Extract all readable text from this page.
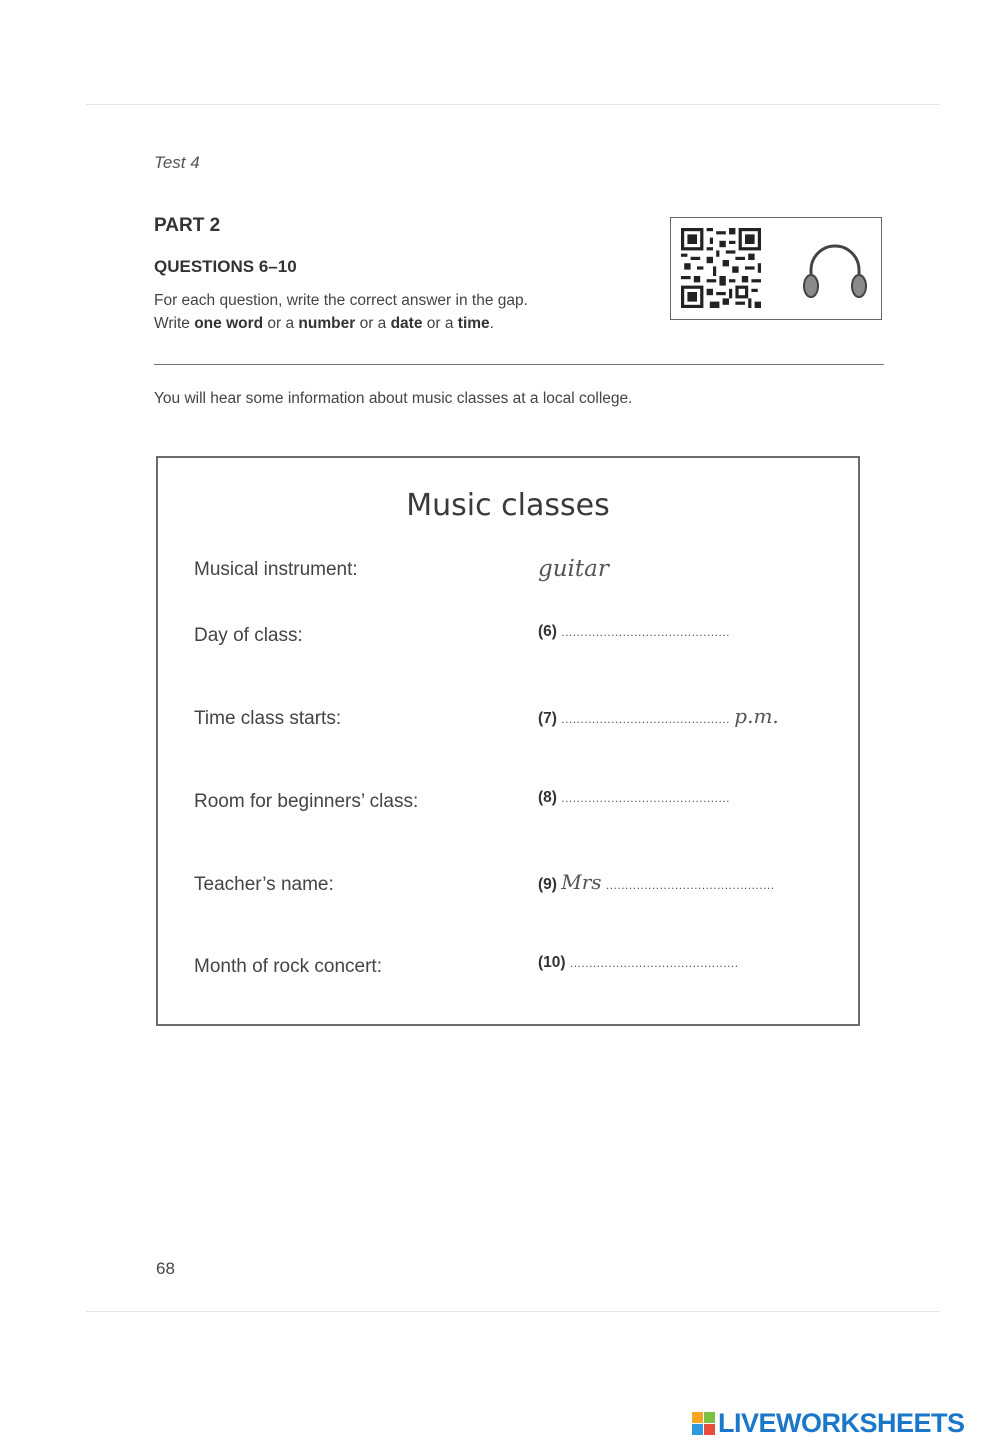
Test 4
PART 2
QUESTIONS 6–10
For each question, write the correct answer in the gap.
Write one word or a number or a date or a time.
You will hear some information about music classes at a local college.
Music classes
Musical instrument:	guitar
Day of class:	(6) ............................................
Time class starts:	(7) ............................................ p.m.
Room for beginners’ class:	(8) ............................................
Teacher’s name:	(9) Mrs ............................................
Month of rock concert:	(10) ............................................
68
LIVEWORKSHEETS
